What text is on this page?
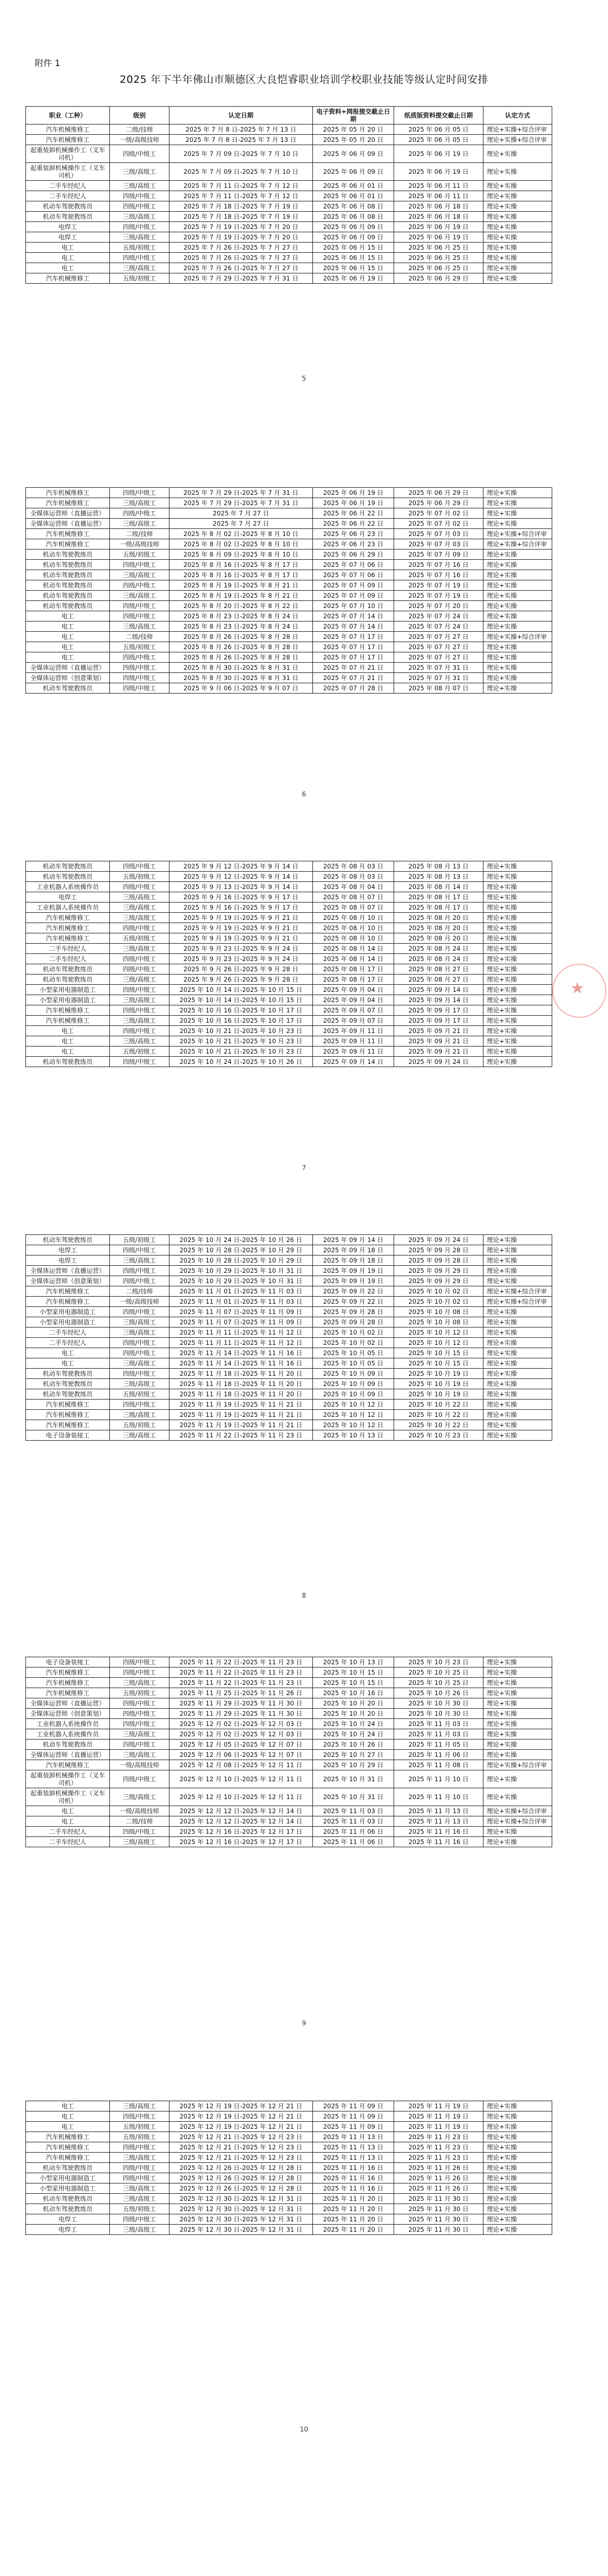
附件 1
2025 年下半年佛山市顺德区大良恺睿职业培训学校职业技能等级认定时间安排
职业（工种）	级别	认定日期	电子资料+网报提交截止日期	纸质版资料提交截止日期	认定方式
汽车机械维修工	二级/技师	2025 年 7 月 8 日-2025 年 7 月 13 日	2025 年 05 月 20 日	2025 年 06 月 05 日	理论+实操+综合评审
汽车机械维修工	一级/高级技师	2025 年 7 月 8 日-2025 年 7 月 13 日	2025 年 05 月 20 日	2025 年 06 月 05 日	理论+实操+综合评审
起重装卸机械操作工（叉车司机）	四级/中级工	2025 年 7 月 09 日-2025 年 7 月 10 日	2025 年 06 月 09 日	2025 年 06 月 19 日	理论+实操
起重装卸机械操作工（叉车司机）	三级/高级工	2025 年 7 月 09 日-2025 年 7 月 10 日	2025 年 06 月 09 日	2025 年 06 月 19 日	理论+实操
二手车经纪人	三级/高级工	2025 年 7 月 11 日-2025 年 7 月 12 日	2025 年 06 月 01 日	2025 年 06 月 11 日	理论+实操
二手车经纪人	四级/中级工	2025 年 7 月 11 日-2025 年 7 月 12 日	2025 年 06 月 01 日	2025 年 06 月 11 日	理论+实操
机动车驾驶教练员	四级/中级工	2025 年 7 月 18 日-2025 年 7 月 19 日	2025 年 06 月 08 日	2025 年 06 月 18 日	理论+实操
机动车驾驶教练员	三级/高级工	2025 年 7 月 18 日-2025 年 7 月 19 日	2025 年 06 月 08 日	2025 年 06 月 18 日	理论+实操
电焊工	四级/中级工	2025 年 7 月 19 日-2025 年 7 月 20 日	2025 年 06 月 09 日	2025 年 06 月 19 日	理论+实操
电焊工	三级/高级工	2025 年 7 月 19 日-2025 年 7 月 20 日	2025 年 06 月 09 日	2025 年 06 月 19 日	理论+实操
电工	五级/初级工	2025 年 7 月 26 日-2025 年 7 月 27 日	2025 年 06 月 15 日	2025 年 06 月 25 日	理论+实操
电工	四级/中级工	2025 年 7 月 26 日-2025 年 7 月 27 日	2025 年 06 月 15 日	2025 年 06 月 25 日	理论+实操
电工	三级/高级工	2025 年 7 月 26 日-2025 年 7 月 27 日	2025 年 06 月 15 日	2025 年 06 月 25 日	理论+实操
汽车机械维修工	五级/初级工	2025 年 7 月 29 日-2025 年 7 月 31 日	2025 年 06 月 19 日	2025 年 06 月 29 日	理论+实操
5
汽车机械维修工	四级/中级工	2025 年 7 月 29 日-2025 年 7 月 31 日	2025 年 06 月 19 日	2025 年 06 月 29 日	理论+实操
汽车机械维修工	三级/高级工	2025 年 7 月 29 日-2025 年 7 月 31 日	2025 年 06 月 19 日	2025 年 06 月 29 日	理论+实操
全媒体运营师（直播运营）	四级/中级工	2025 年 7 月 27 日	2025 年 06 月 22 日	2025 年 07 月 02 日	理论+实操
全媒体运营师（直播运营）	三级/高级工	2025 年 7 月 27 日	2025 年 06 月 22 日	2025 年 07 月 02 日	理论+实操
汽车机械维修工	二级/技师	2025 年 8 月 02 日-2025 年 8 月 10 日	2025 年 06 月 23 日	2025 年 07 月 03 日	理论+实操+综合评审
汽车机械维修工	一级/高级技师	2025 年 8 月 02 日-2025 年 8 月 10 日	2025 年 06 月 23 日	2025 年 07 月 03 日	理论+实操+综合评审
机动车驾驶教练员	五级/初级工	2025 年 8 月 09 日-2025 年 8 月 10 日	2025 年 06 月 29 日	2025 年 07 月 09 日	理论+实操
机动车驾驶教练员	四级/中级工	2025 年 8 月 16 日-2025 年 8 月 17 日	2025 年 07 月 06 日	2025 年 07 月 16 日	理论+实操
机动车驾驶教练员	三级/高级工	2025 年 8 月 16 日-2025 年 8 月 17 日	2025 年 07 月 06 日	2025 年 07 月 16 日	理论+实操
机动车驾驶教练员	四级/中级工	2025 年 8 月 19 日-2025 年 8 月 21 日	2025 年 07 月 09 日	2025 年 07 月 19 日	理论+实操
机动车驾驶教练员	三级/高级工	2025 年 8 月 19 日-2025 年 8 月 21 日	2025 年 07 月 09 日	2025 年 07 月 19 日	理论+实操
机动车驾驶教练员	四级/中级工	2025 年 8 月 20 日-2025 年 8 月 22 日	2025 年 07 月 10 日	2025 年 07 月 20 日	理论+实操
电工	四级/中级工	2025 年 8 月 23 日-2025 年 8 月 24 日	2025 年 07 月 14 日	2025 年 07 月 24 日	理论+实操
电工	三级/高级工	2025 年 8 月 23 日-2025 年 8 月 24 日	2025 年 07 月 14 日	2025 年 07 月 24 日	理论+实操
电工	二级/技师	2025 年 8 月 26 日-2025 年 8 月 28 日	2025 年 07 月 17 日	2025 年 07 月 27 日	理论+实操+综合评审
电工	五级/初级工	2025 年 8 月 26 日-2025 年 8 月 28 日	2025 年 07 月 17 日	2025 年 07 月 27 日	理论+实操
电工	四级/中级工	2025 年 8 月 26 日-2025 年 8 月 28 日	2025 年 07 月 17 日	2025 年 07 月 27 日	理论+实操
全媒体运营师（直播运营）	四级/中级工	2025 年 8 月 30 日-2025 年 8 月 31 日	2025 年 07 月 21 日	2025 年 07 月 31 日	理论+实操
全媒体运营师（创意策划）	四级/中级工	2025 年 8 月 30 日-2025 年 8 月 31 日	2025 年 07 月 21 日	2025 年 07 月 31 日	理论+实操
机动车驾驶教练员	四级/中级工	2025 年 9 月 06 日-2025 年 9 月 07 日	2025 年 07 月 28 日	2025 年 08 月 07 日	理论+实操
6
机动车驾驶教练员	四级/中级工	2025 年 9 月 12 日-2025 年 9 月 14 日	2025 年 08 月 03 日	2025 年 08 月 13 日	理论+实操
机动车驾驶教练员	五级/初级工	2025 年 9 月 12 日-2025 年 9 月 14 日	2025 年 08 月 03 日	2025 年 08 月 13 日	理论+实操
工业机器人系统操作员	四级/中级工	2025 年 9 月 13 日-2025 年 9 月 14 日	2025 年 08 月 04 日	2025 年 08 月 14 日	理论+实操
电焊工	三级/高级工	2025 年 9 月 16 日-2025 年 9 月 17 日	2025 年 08 月 07 日	2025 年 08 月 17 日	理论+实操
工业机器人系统操作员	三级/高级工	2025 年 9 月 16 日-2025 年 9 月 17 日	2025 年 08 月 07 日	2025 年 08 月 17 日	理论+实操
汽车机械维修工	三级/高级工	2025 年 9 月 19 日-2025 年 9 月 21 日	2025 年 08 月 10 日	2025 年 08 月 20 日	理论+实操
汽车机械维修工	四级/中级工	2025 年 9 月 19 日-2025 年 9 月 21 日	2025 年 08 月 10 日	2025 年 08 月 20 日	理论+实操
汽车机械维修工	五级/初级工	2025 年 9 月 19 日-2025 年 9 月 21 日	2025 年 08 月 10 日	2025 年 08 月 20 日	理论+实操
二手车经纪人	三级/高级工	2025 年 9 月 23 日-2025 年 9 月 24 日	2025 年 08 月 14 日	2025 年 08 月 24 日	理论+实操
二手车经纪人	四级/中级工	2025 年 9 月 23 日-2025 年 9 月 24 日	2025 年 08 月 14 日	2025 年 08 月 24 日	理论+实操
机动车驾驶教练员	四级/中级工	2025 年 9 月 26 日-2025 年 9 月 28 日	2025 年 08 月 17 日	2025 年 08 月 27 日	理论+实操
机动车驾驶教练员	三级/高级工	2025 年 9 月 26 日-2025 年 9 月 28 日	2025 年 08 月 17 日	2025 年 08 月 27 日	理论+实操
小型家用电器制造工	四级/中级工	2025 年 10 月 14 日-2025 年 10 月 15 日	2025 年 09 月 04 日	2025 年 09 月 14 日	理论+实操
小型家用电器制造工	三级/高级工	2025 年 10 月 14 日-2025 年 10 月 15 日	2025 年 09 月 04 日	2025 年 09 月 14 日	理论+实操
汽车机械维修工	四级/中级工	2025 年 10 月 16 日-2025 年 10 月 17 日	2025 年 09 月 07 日	2025 年 09 月 17 日	理论+实操
汽车机械维修工	三级/高级工	2025 年 10 月 16 日-2025 年 10 月 17 日	2025 年 09 月 07 日	2025 年 09 月 17 日	理论+实操
电工	四级/中级工	2025 年 10 月 21 日-2025 年 10 月 23 日	2025 年 09 月 11 日	2025 年 09 月 21 日	理论+实操
电工	三级/高级工	2025 年 10 月 21 日-2025 年 10 月 23 日	2025 年 09 月 11 日	2025 年 09 月 21 日	理论+实操
电工	五级/初级工	2025 年 10 月 21 日-2025 年 10 月 23 日	2025 年 09 月 11 日	2025 年 09 月 21 日	理论+实操
机动车驾驶教练员	四级/中级工	2025 年 10 月 24 日-2025 年 10 月 26 日	2025 年 09 月 14 日	2025 年 09 月 24 日	理论+实操
7
机动车驾驶教练员	五级/初级工	2025 年 10 月 24 日-2025 年 10 月 26 日	2025 年 09 月 14 日	2025 年 09 月 24 日	理论+实操
电焊工	四级/中级工	2025 年 10 月 28 日-2025 年 10 月 29 日	2025 年 09 月 18 日	2025 年 09 月 28 日	理论+实操
电焊工	三级/高级工	2025 年 10 月 28 日-2025 年 10 月 29 日	2025 年 09 月 18 日	2025 年 09 月 28 日	理论+实操
全媒体运营师（直播运营）	四级/中级工	2025 年 10 月 29 日-2025 年 10 月 31 日	2025 年 09 月 19 日	2025 年 09 月 29 日	理论+实操
全媒体运营师（创意策划）	四级/中级工	2025 年 10 月 29 日-2025 年 10 月 31 日	2025 年 09 月 19 日	2025 年 09 月 29 日	理论+实操
汽车机械维修工	二级/技师	2025 年 11 月 01 日-2025 年 11 月 03 日	2025 年 09 月 22 日	2025 年 10 月 02 日	理论+实操+综合评审
汽车机械维修工	一级/高级技师	2025 年 11 月 01 日-2025 年 11 月 03 日	2025 年 09 月 22 日	2025 年 10 月 02 日	理论+实操+综合评审
小型家用电器制造工	四级/中级工	2025 年 11 月 07 日-2025 年 11 月 09 日	2025 年 09 月 28 日	2025 年 10 月 08 日	理论+实操
小型家用电器制造工	三级/高级工	2025 年 11 月 07 日-2025 年 11 月 09 日	2025 年 09 月 28 日	2025 年 10 月 08 日	理论+实操
二手车经纪人	三级/高级工	2025 年 11 月 11 日-2025 年 11 月 12 日	2025 年 10 月 02 日	2025 年 10 月 12 日	理论+实操
二手车经纪人	四级/中级工	2025 年 11 月 11 日-2025 年 11 月 12 日	2025 年 10 月 02 日	2025 年 10 月 12 日	理论+实操
电工	四级/中级工	2025 年 11 月 14 日-2025 年 11 月 16 日	2025 年 10 月 05 日	2025 年 10 月 15 日	理论+实操
电工	三级/高级工	2025 年 11 月 14 日-2025 年 11 月 16 日	2025 年 10 月 05 日	2025 年 10 月 15 日	理论+实操
机动车驾驶教练员	四级/中级工	2025 年 11 月 18 日-2025 年 11 月 20 日	2025 年 10 月 09 日	2025 年 10 月 19 日	理论+实操
机动车驾驶教练员	三级/高级工	2025 年 11 月 18 日-2025 年 11 月 20 日	2025 年 10 月 09 日	2025 年 10 月 19 日	理论+实操
机动车驾驶教练员	五级/初级工	2025 年 11 月 18 日-2025 年 11 月 20 日	2025 年 10 月 09 日	2025 年 10 月 19 日	理论+实操
汽车机械维修工	四级/中级工	2025 年 11 月 19 日-2025 年 11 月 21 日	2025 年 10 月 12 日	2025 年 10 月 22 日	理论+实操
汽车机械维修工	三级/高级工	2025 年 11 月 19 日-2025 年 11 月 21 日	2025 年 10 月 12 日	2025 年 10 月 22 日	理论+实操
汽车机械维修工	五级/初级工	2025 年 11 月 19 日-2025 年 11 月 21 日	2025 年 10 月 12 日	2025 年 10 月 22 日	理论+实操
电子设备装接工	三级/高级工	2025 年 11 月 22 日-2025 年 11 月 23 日	2025 年 10 月 13 日	2025 年 10 月 23 日	理论+实操
8
电子设备装接工	四级/中级工	2025 年 11 月 22 日-2025 年 11 月 23 日	2025 年 10 月 13 日	2025 年 10 月 23 日	理论+实操
汽车机械维修工	四级/中级工	2025 年 11 月 22 日-2025 年 11 月 23 日	2025 年 10 月 15 日	2025 年 10 月 25 日	理论+实操
汽车机械维修工	三级/高级工	2025 年 11 月 22 日-2025 年 11 月 23 日	2025 年 10 月 15 日	2025 年 10 月 25 日	理论+实操
汽车机械维修工	五级/初级工	2025 年 11 月 25 日-2025 年 11 月 26 日	2025 年 10 月 16 日	2025 年 10 月 26 日	理论+实操
全媒体运营师（直播运营）	四级/中级工	2025 年 11 月 29 日-2025 年 11 月 30 日	2025 年 10 月 20 日	2025 年 10 月 30 日	理论+实操
全媒体运营师（创意策划）	四级/中级工	2025 年 11 月 29 日-2025 年 11 月 30 日	2025 年 10 月 20 日	2025 年 10 月 30 日	理论+实操
工业机器人系统操作员	四级/中级工	2025 年 12 月 02 日-2025 年 12 月 03 日	2025 年 10 月 24 日	2025 年 11 月 03 日	理论+实操
工业机器人系统操作员	三级/高级工	2025 年 12 月 02 日-2025 年 12 月 03 日	2025 年 10 月 24 日	2025 年 11 月 03 日	理论+实操
机动车驾驶教练员	四级/中级工	2025 年 12 月 05 日-2025 年 12 月 07 日	2025 年 10 月 26 日	2025 年 11 月 05 日	理论+实操
全媒体运营师（直播运营）	三级/高级工	2025 年 12 月 06 日-2025 年 12 月 07 日	2025 年 10 月 27 日	2025 年 11 月 06 日	理论+实操
汽车机械维修工	一级/高级技师	2025 年 12 月 08 日-2025 年 12 月 11 日	2025 年 10 月 29 日	2025 年 11 月 08 日	理论+实操+综合评审
起重装卸机械操作工（叉车司机）	四级/中级工	2025 年 12 月 10 日-2025 年 12 月 11 日	2025 年 10 月 31 日	2025 年 11 月 10 日	理论+实操
起重装卸机械操作工（叉车司机）	三级/高级工	2025 年 12 月 10 日-2025 年 12 月 11 日	2025 年 10 月 31 日	2025 年 11 月 10 日	理论+实操
电工	一级/高级技师	2025 年 12 月 12 日-2025 年 12 月 14 日	2025 年 11 月 03 日	2025 年 11 月 13 日	理论+实操+综合评审
电工	二级/技师	2025 年 12 月 12 日-2025 年 12 月 14 日	2025 年 11 月 03 日	2025 年 11 月 13 日	理论+实操+综合评审
二手车经纪人	四级/中级工	2025 年 12 月 16 日-2025 年 12 月 17 日	2025 年 11 月 06 日	2025 年 11 月 16 日	理论+实操
二手车经纪人	三级/高级工	2025 年 12 月 16 日-2025 年 12 月 17 日	2025 年 11 月 06 日	2025 年 11 月 16 日	理论+实操
9
电工	三级/高级工	2025 年 12 月 19 日-2025 年 12 月 21 日	2025 年 11 月 09 日	2025 年 11 月 19 日	理论+实操
电工	四级/中级工	2025 年 12 月 19 日-2025 年 12 月 21 日	2025 年 11 月 09 日	2025 年 11 月 19 日	理论+实操
电工	五级/初级工	2025 年 12 月 19 日-2025 年 12 月 21 日	2025 年 11 月 09 日	2025 年 11 月 19 日	理论+实操
汽车机械维修工	五级/初级工	2025 年 12 月 21 日-2025 年 12 月 23 日	2025 年 11 月 13 日	2025 年 11 月 23 日	理论+实操
汽车机械维修工	四级/中级工	2025 年 12 月 21 日-2025 年 12 月 23 日	2025 年 11 月 13 日	2025 年 11 月 23 日	理论+实操
汽车机械维修工	三级/高级工	2025 年 12 月 21 日-2025 年 12 月 23 日	2025 年 11 月 13 日	2025 年 11 月 23 日	理论+实操
机动车驾驶教练员	四级/中级工	2025 年 12 月 26 日-2025 年 12 月 28 日	2025 年 11 月 16 日	2025 年 11 月 26 日	理论+实操
小型家用电器制造工	四级/中级工	2025 年 12 月 26 日-2025 年 12 月 28 日	2025 年 11 月 16 日	2025 年 11 月 26 日	理论+实操
小型家用电器制造工	三级/高级工	2025 年 12 月 26 日-2025 年 12 月 28 日	2025 年 11 月 16 日	2025 年 11 月 26 日	理论+实操
机动车驾驶教练员	三级/高级工	2025 年 12 月 30 日-2025 年 12 月 31 日	2025 年 11 月 20 日	2025 年 11 月 30 日	理论+实操
机动车驾驶教练员	五级/初级工	2025 年 12 月 30 日-2025 年 12 月 31 日	2025 年 11 月 20 日	2025 年 11 月 30 日	理论+实操
电焊工	四级/中级工	2025 年 12 月 30 日-2025 年 12 月 31 日	2025 年 11 月 20 日	2025 年 11 月 30 日	理论+实操
电焊工	三级/高级工	2025 年 12 月 30 日-2025 年 12 月 31 日	2025 年 11 月 20 日	2025 年 11 月 30 日	理论+实操
10
★
